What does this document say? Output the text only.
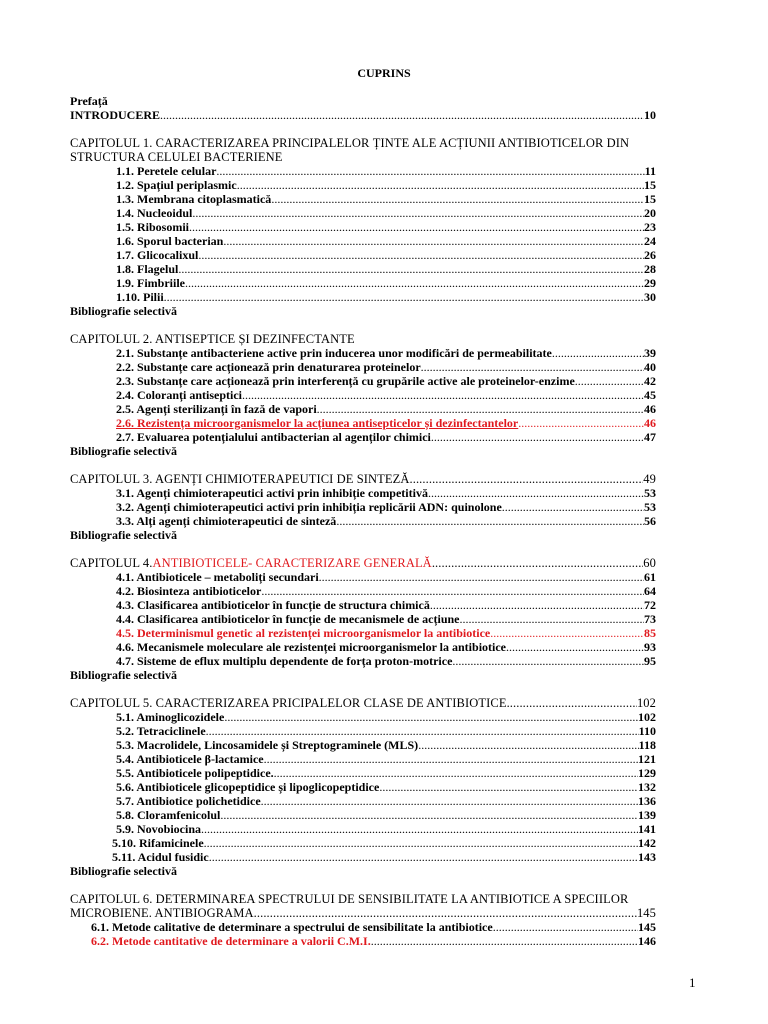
CUPRINS
Prefață
INTRODUCERE .....	10
CAPITOLUL 1. CARACTERIZAREA PRINCIPALELOR ȚINTE ALE ACȚIUNII ANTIBIOTICELOR DIN
STRUCTURA CELULEI BACTERIENE
1.1. Peretele celular .....	11
1.2. Spațiul periplasmic .....	15
1.3. Membrana citoplasmatică .....	15
1.4. Nucleoidul .....	20
1.5. Ribosomii .....	23
1.6. Sporul bacterian .....	24
1.7. Glicocalixul .....	26
1.8. Flagelul .....	28
1.9. Fimbriile .....	29
1.10. Pilii .....	30
Bibliografie selectivă
CAPITOLUL 2. ANTISEPTICE ȘI DEZINFECTANTE
2.1. Substanțe antibacteriene active prin inducerea unor modificări de permeabilitate .....	39
2.2. Substanțe care acționează prin denaturarea proteinelor .....	40
2.3. Substanțe care acționează prin interferență cu grupările active ale proteinelor-enzime .....	42
2.4. Coloranți antiseptici .....	45
2.5. Agenți sterilizanți în fază de vapori .....	46
2.6. Rezistența microorganismelor la acțiunea antisepticelor și dezinfectantelor .....	46
2.7. Evaluarea potențialului antibacterian al agenților chimici .....	47
Bibliografie selectivă
CAPITOLUL 3. AGENȚI CHIMIOTERAPEUTICI DE SINTEZĂ .....	49
3.1. Agenți chimioterapeutici activi prin inhibiție competitivă .....	53
3.2. Agenți chimioterapeutici activi prin inhibiția replicării ADN: quinolone .....	53
3.3. Alți agenți chimioterapeutici de sinteză .....	56
Bibliografie selectivă
CAPITOLUL 4. ANTIBIOTICELE- CARACTERIZARE GENERALĂ .....	60
4.1. Antibioticele – metaboliți secundari .....	61
4.2. Biosinteza antibioticelor .....	64
4.3. Clasificarea antibioticelor în funcție de structura chimică .....	72
4.4. Clasificarea antibioticelor în funcție de mecanismele de acțiune .....	73
4.5. Determinismul genetic al rezistenței microorganismelor la antibiotice .....	85
4.6. Mecanismele moleculare ale rezistenței microorganismelor la antibiotice .....	93
4.7. Sisteme de eflux multiplu dependente de forța proton-motrice .....	95
Bibliografie selectivă
CAPITOLUL 5. CARACTERIZAREA PRICIPALELOR CLASE DE ANTIBIOTICE .....	102
5.1. Aminoglicozidele .....	102
5.2. Tetraciclinele .....	110
5.3. Macrolidele, Lincosamidele și Streptograminele (MLS) .....	118
5.4. Antibioticele β-lactamice .....	121
5.5. Antibioticele polipeptidice. .....	129
5.6. Antibioticele glicopeptidice și lipoglicopeptidice .....	132
5.7. Antibiotice polichetidice .....	136
5.8. Cloramfenicolul .....	139
5.9. Novobiocina .....	141
5.10. Rifamicinele .....	142
5.11. Acidul fusidic .....	143
Bibliografie selectivă
CAPITOLUL 6. DETERMINAREA SPECTRULUI DE SENSIBILITATE LA ANTIBIOTICE A SPECIILOR
MICROBIENE. ANTIBIOGRAMA .....	145
6.1. Metode calitative de determinare a spectrului de sensibilitate la antibiotice .....	145
6.2. Metode cantitative de determinare a valorii C.M.I. .....	146
1
